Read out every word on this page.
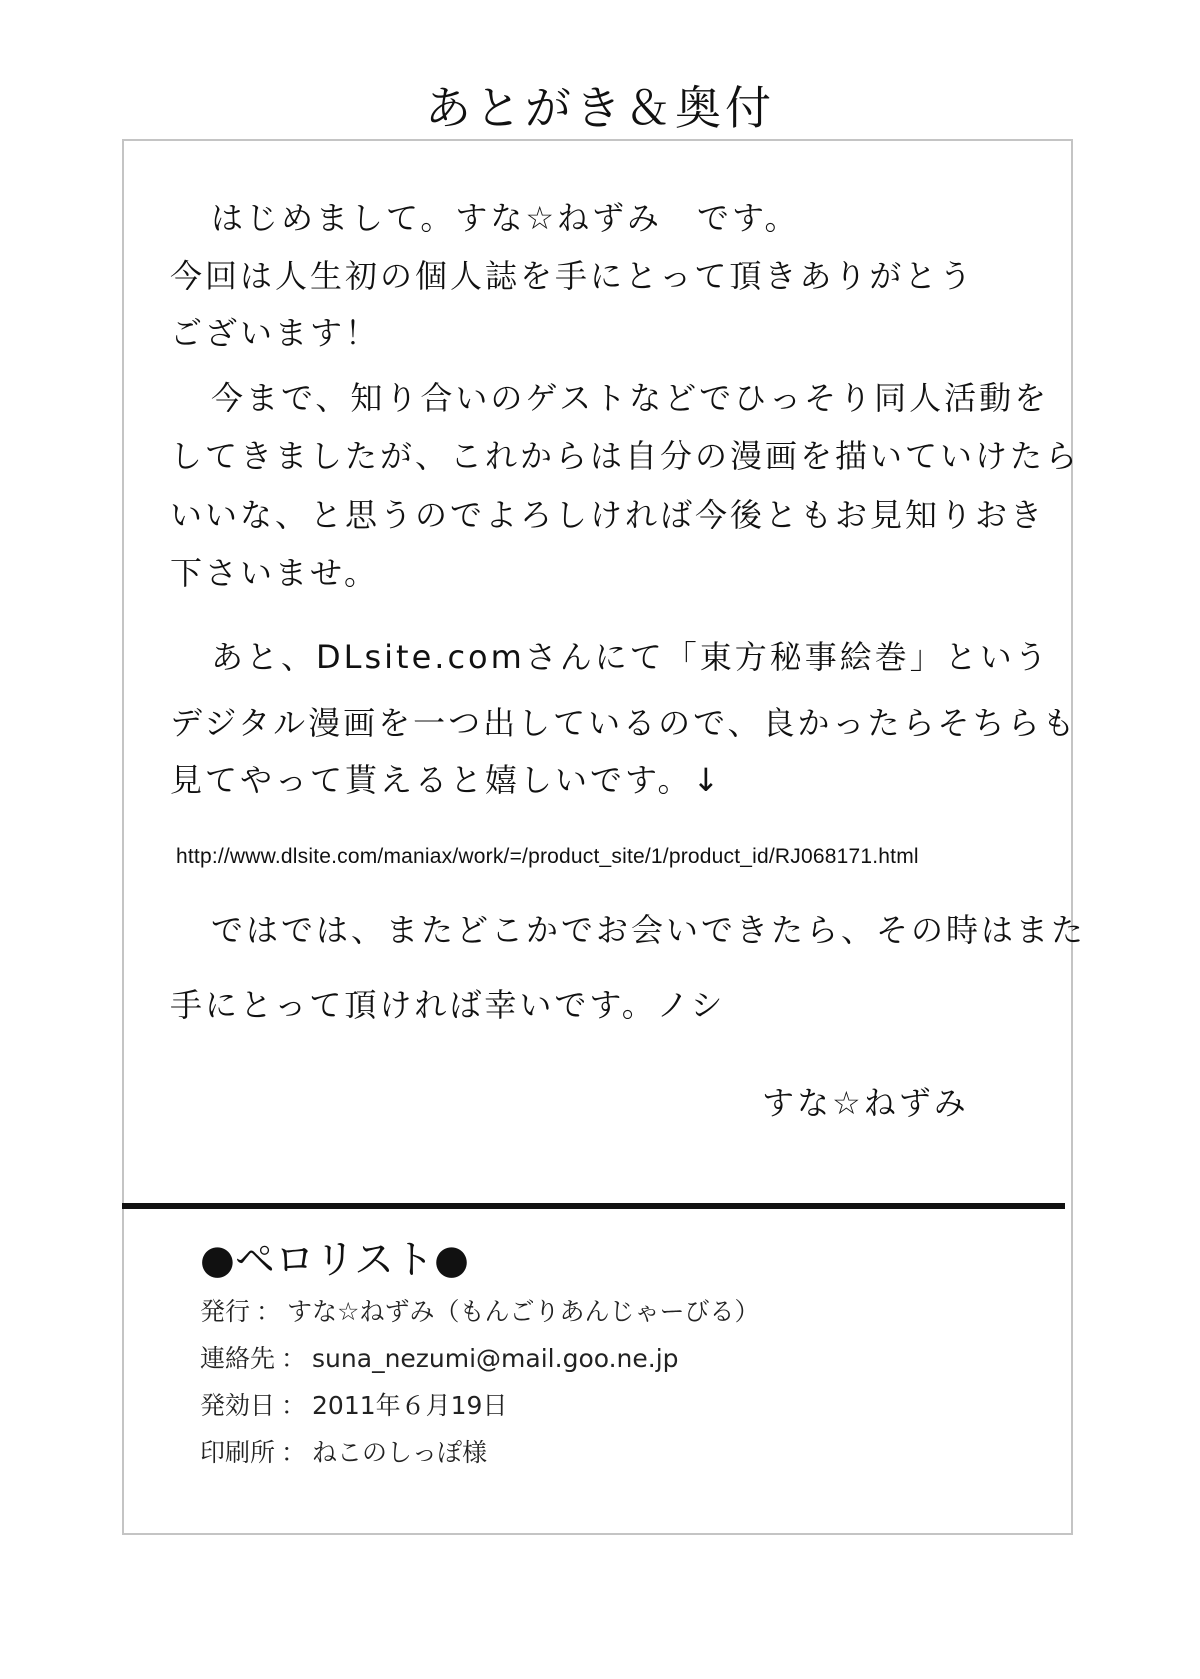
あとがき＆奥付
　はじめまして。すな☆ねずみ　です。
今回は人生初の個人誌を手にとって頂きありがとう
ございます！
　今まで、知り合いのゲストなどでひっそり同人活動を
してきましたが、これからは自分の漫画を描いていけたら
いいな、と思うのでよろしければ今後ともお見知りおき
下さいませ。
　あと、DLsite.comさんにて「東方秘事絵巻」という
デジタル漫画を一つ出しているので、良かったらそちらも
見てやって貰えると嬉しいです。↓
　ではでは、またどこかでお会いできたら、その時はまた
手にとって頂ければ幸いです。ノシ
http://www.dlsite.com/maniax/work/=/product_site/1/product_id/RJ068171.html
すな☆ねずみ
●ペロリスト●
発行 ： すな☆ねずみ（もんごりあんじゃーびる）
連絡先 ： suna_nezumi@mail.goo.ne.jp
発効日 ： 2011年６月19日
印刷所 ： ねこのしっぽ様
